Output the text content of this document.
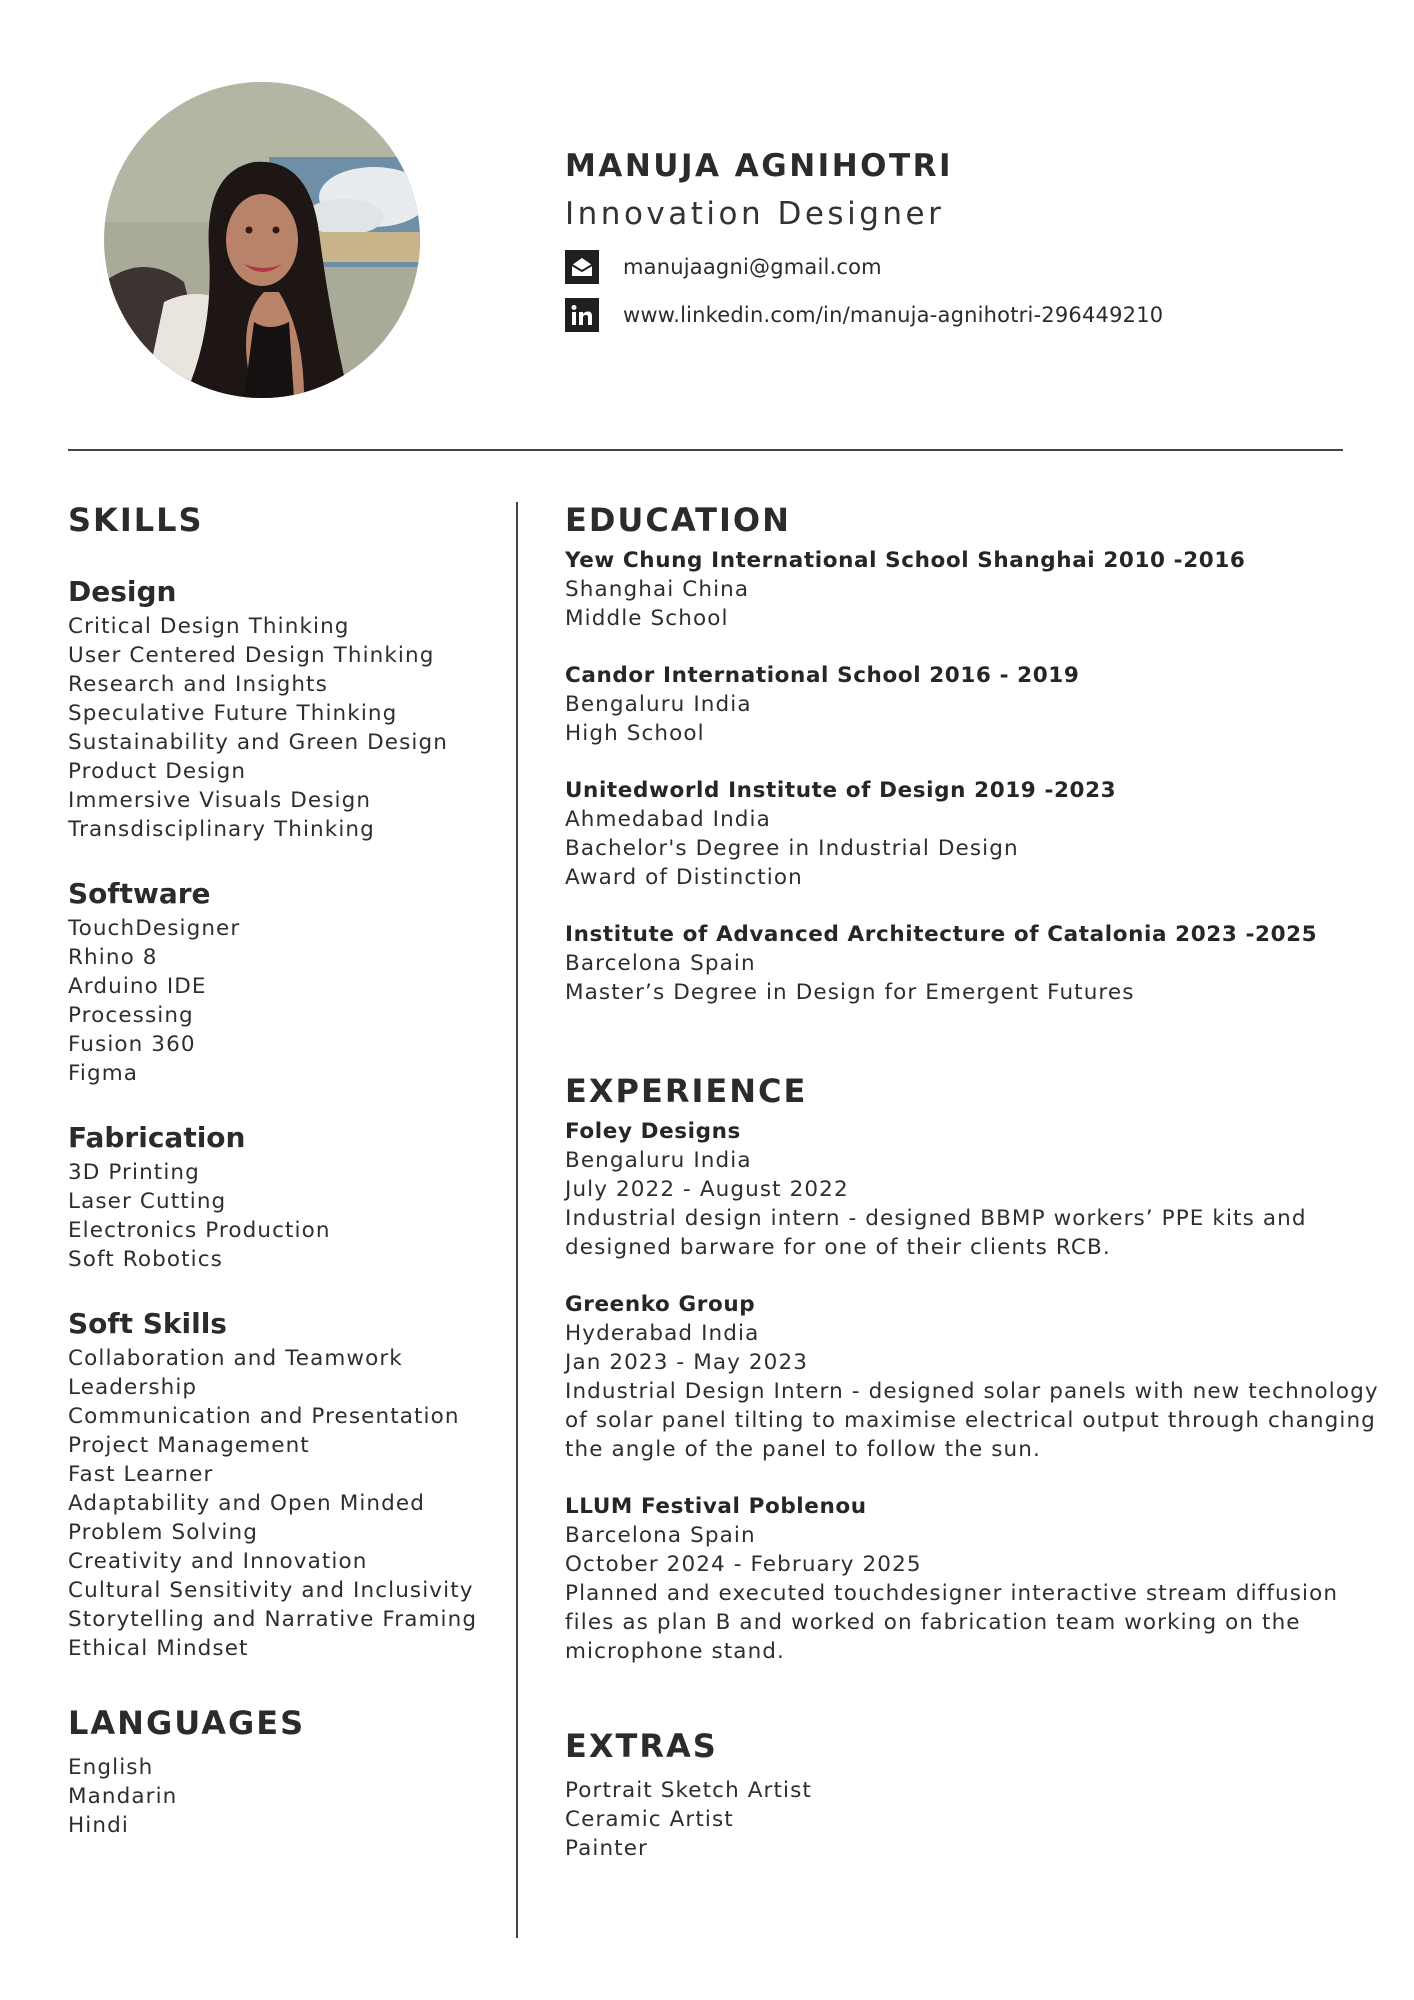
MANUJA AGNIHOTRI

Innovation Designer

manujaagni@gmail.com
www.linkedin.com/in/manuja-agnihotri-296449210
SKILLS
Design
Critical Design Thinking
User Centered Design Thinking
Research and Insights
Speculative Future Thinking
Sustainability and Green Design
Product Design
Immersive Visuals Design
Transdisciplinary Thinking
Software
TouchDesigner
Rhino 8
Arduino IDE
Processing
Fusion 360
Figma
Fabrication
3D Printing
Laser Cutting
Electronics Production
Soft Robotics
Soft Skills
Collaboration and Teamwork
Leadership
Communication and Presentation
Project Management
Fast Learner
Adaptability and Open Minded
Problem Solving
Creativity and Innovation
Cultural Sensitivity and Inclusivity
Storytelling and Narrative Framing
Ethical Mindset
LANGUAGES
English
Mandarin
Hindi
EDUCATION
Yew Chung International School Shanghai 2010 -2016
Shanghai China
Middle School
Candor International School 2016 - 2019
Bengaluru India
High School
Unitedworld Institute of Design 2019 -2023
Ahmedabad India
Bachelor's Degree in Industrial Design
Award of Distinction
Institute of Advanced Architecture of Catalonia 2023 -2025
Barcelona Spain
Master’s Degree in Design for Emergent Futures
EXPERIENCE
Foley Designs
Bengaluru India
July 2022 - August 2022
Industrial design intern - designed BBMP workers’ PPE kits and designed barware for one of their clients RCB.
Greenko Group
Hyderabad India
Jan 2023 - May 2023
Industrial Design Intern - designed solar panels with new technology of solar panel tilting to maximise electrical output through changing the angle of the panel to follow the sun.
LLUM Festival Poblenou
Barcelona Spain
October 2024 - February 2025
Planned and executed touchdesigner interactive stream diffusion files as plan B and worked on fabrication team working on the microphone stand.
EXTRAS
Portrait Sketch Artist
Ceramic Artist
Painter
